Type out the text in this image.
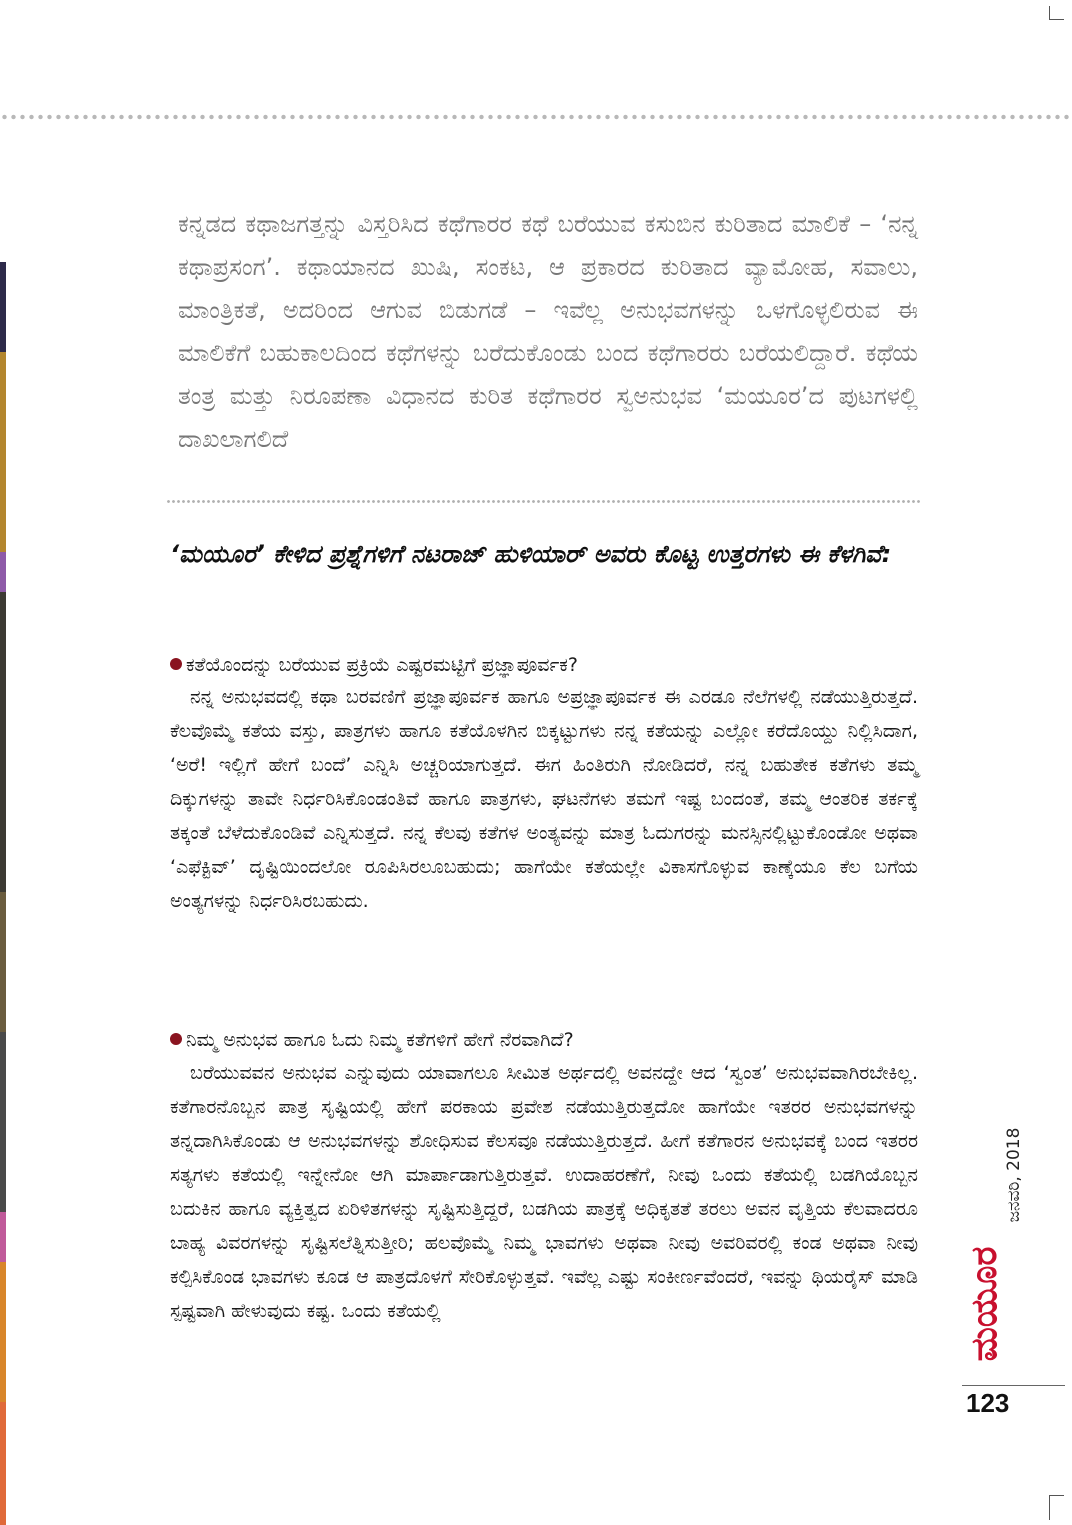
ಕನ್ನಡದ ಕಥಾಜಗತ್ತನ್ನು ವಿಸ್ತರಿಸಿದ ಕಥೆಗಾರರ ಕಥೆ ಬರೆಯುವ ಕಸುಬಿನ ಕುರಿತಾದ ಮಾಲಿಕೆ – ‘ನನ್ನ ಕಥಾಪ್ರಸಂಗ’. ಕಥಾಯಾನದ ಖುಷಿ, ಸಂಕಟ, ಆ ಪ್ರಕಾರದ ಕುರಿತಾದ ವ್ಯಾಮೋಹ, ಸವಾಲು, ಮಾಂತ್ರಿಕತೆ, ಅದರಿಂದ ಆಗುವ ಬಿಡುಗಡೆ – ಇವೆಲ್ಲ ಅನುಭವಗಳನ್ನು ಒಳಗೊಳ್ಳಲಿರುವ ಈ ಮಾಲಿಕೆಗೆ ಬಹುಕಾಲದಿಂದ ಕಥೆಗಳನ್ನು ಬರೆದುಕೊಂಡು ಬಂದ ಕಥೆಗಾರರು ಬರೆಯಲಿದ್ದಾರೆ. ಕಥೆಯ ತಂತ್ರ ಮತ್ತು ನಿರೂಪಣಾ ವಿಧಾನದ ಕುರಿತ ಕಥೆಗಾರರ ಸ್ವಅನುಭವ ‘ಮಯೂರ’ದ ಪುಟಗಳಲ್ಲಿ ದಾಖಲಾಗಲಿದೆ
‘ಮಯೂರ’ ಕೇಳಿದ ಪ್ರಶ್ನೆಗಳಿಗೆ ನಟರಾಜ್ ಹುಳಿಯಾರ್ ಅವರು ಕೊಟ್ಟ ಉತ್ತರಗಳು ಈ ಕೆಳಗಿವೆ:
ಕತೆಯೊಂದನ್ನು ಬರೆಯುವ ಪ್ರಕ್ರಿಯೆ ಎಷ್ಟರಮಟ್ಟಿಗೆ ಪ್ರಜ್ಞಾಪೂರ್ವಕ?
ನನ್ನ ಅನುಭವದಲ್ಲಿ ಕಥಾ ಬರವಣಿಗೆ ಪ್ರಜ್ಞಾಪೂರ್ವಕ ಹಾಗೂ ಅಪ್ರಜ್ಞಾಪೂರ್ವಕ ಈ ಎರಡೂ ನೆಲೆಗಳಲ್ಲಿ ನಡೆಯುತ್ತಿರುತ್ತದೆ. ಕೆಲವೊಮ್ಮೆ ಕತೆಯ ವಸ್ತು, ಪಾತ್ರಗಳು ಹಾಗೂ ಕತೆಯೊಳಗಿನ ಬಿಕ್ಕಟ್ಟುಗಳು ನನ್ನ ಕತೆಯನ್ನು ಎಲ್ಲೋ ಕರೆದೊಯ್ದು ನಿಲ್ಲಿಸಿದಾಗ, ‘ಅರೆ! ಇಲ್ಲಿಗೆ ಹೇಗೆ ಬಂದೆ’ ಎನ್ನಿಸಿ ಅಚ್ಚರಿಯಾಗುತ್ತದೆ. ಈಗ ಹಿಂತಿರುಗಿ ನೋಡಿದರೆ, ನನ್ನ ಬಹುತೇಕ ಕತೆಗಳು ತಮ್ಮ ದಿಕ್ಕುಗಳನ್ನು ತಾವೇ ನಿರ್ಧರಿಸಿಕೊಂಡಂತಿವೆ ಹಾಗೂ ಪಾತ್ರಗಳು, ಘಟನೆಗಳು ತಮಗೆ ಇಷ್ಟ ಬಂದಂತೆ, ತಮ್ಮ ಆಂತರಿಕ ತರ್ಕಕ್ಕೆ ತಕ್ಕಂತೆ ಬೆಳೆದುಕೊಂಡಿವೆ ಎನ್ನಿಸುತ್ತದೆ. ನನ್ನ ಕೆಲವು ಕತೆಗಳ ಅಂತ್ಯವನ್ನು ಮಾತ್ರ ಓದುಗರನ್ನು ಮನಸ್ಸಿನಲ್ಲಿಟ್ಟುಕೊಂಡೋ ಅಥವಾ ‘ಎಫೆಕ್ಟಿವ್’ ದೃಷ್ಟಿಯಿಂದಲೋ ರೂಪಿಸಿರಲೂಬಹುದು; ಹಾಗೆಯೇ ಕತೆಯಲ್ಲೇ ವಿಕಾಸಗೊಳ್ಳುವ ಕಾಣ್ಕೆಯೂ ಕೆಲ ಬಗೆಯ ಅಂತ್ಯಗಳನ್ನು ನಿರ್ಧರಿಸಿರಬಹುದು.
ನಿಮ್ಮ ಅನುಭವ ಹಾಗೂ ಓದು ನಿಮ್ಮ ಕತೆಗಳಿಗೆ ಹೇಗೆ ನೆರವಾಗಿದೆ?
ಬರೆಯುವವನ ಅನುಭವ ಎನ್ನುವುದು ಯಾವಾಗಲೂ ಸೀಮಿತ ಅರ್ಥದಲ್ಲಿ ಅವನದ್ದೇ ಆದ ‘ಸ್ವಂತ’ ಅನುಭವವಾಗಿರಬೇಕಿಲ್ಲ. ಕತೆಗಾರನೊಬ್ಬನ ಪಾತ್ರ ಸೃಷ್ಟಿಯಲ್ಲಿ ಹೇಗೆ ಪರಕಾಯ ಪ್ರವೇಶ ನಡೆಯುತ್ತಿರುತ್ತದೋ ಹಾಗೆಯೇ ಇತರರ ಅನುಭವಗಳನ್ನು ತನ್ನದಾಗಿಸಿಕೊಂಡು ಆ ಅನುಭವಗಳನ್ನು ಶೋಧಿಸುವ ಕೆಲಸವೂ ನಡೆಯುತ್ತಿರುತ್ತದೆ. ಹೀಗೆ ಕತೆಗಾರನ ಅನುಭವಕ್ಕೆ ಬಂದ ಇತರರ ಸತ್ಯಗಳು ಕತೆಯಲ್ಲಿ ಇನ್ನೇನೋ ಆಗಿ ಮಾರ್ಪಾಡಾಗುತ್ತಿರುತ್ತವೆ. ಉದಾಹರಣೆಗೆ, ನೀವು ಒಂದು ಕತೆಯಲ್ಲಿ ಬಡಗಿಯೊಬ್ಬನ ಬದುಕಿನ ಹಾಗೂ ವ್ಯಕ್ತಿತ್ವದ ಏರಿಳಿತಗಳನ್ನು ಸೃಷ್ಟಿಸುತ್ತಿದ್ದರೆ, ಬಡಗಿಯ ಪಾತ್ರಕ್ಕೆ ಅಧಿಕೃತತೆ ತರಲು ಅವನ ವೃತ್ತಿಯ ಕೆಲವಾದರೂ ಬಾಹ್ಯ ವಿವರಗಳನ್ನು ಸೃಷ್ಟಿಸಲೆತ್ನಿಸುತ್ತೀರಿ; ಹಲವೊಮ್ಮೆ ನಿಮ್ಮ ಭಾವಗಳು ಅಥವಾ ನೀವು ಅವರಿವರಲ್ಲಿ ಕಂಡ ಅಥವಾ ನೀವು ಕಲ್ಪಿಸಿಕೊಂಡ ಭಾವಗಳು ಕೂಡ ಆ ಪಾತ್ರದೊಳಗೆ ಸೇರಿಕೊಳ್ಳುತ್ತವೆ. ಇವೆಲ್ಲ ಎಷ್ಟು ಸಂಕೀರ್ಣವೆಂದರೆ, ಇವನ್ನು ಥಿಯರೈಸ್ ಮಾಡಿ ಸ್ಪಷ್ಟವಾಗಿ ಹೇಳುವುದು ಕಷ್ಟ. ಒಂದು ಕತೆಯಲ್ಲಿ
ಜನವರಿ, 2018
ಮಯೂರ
123
